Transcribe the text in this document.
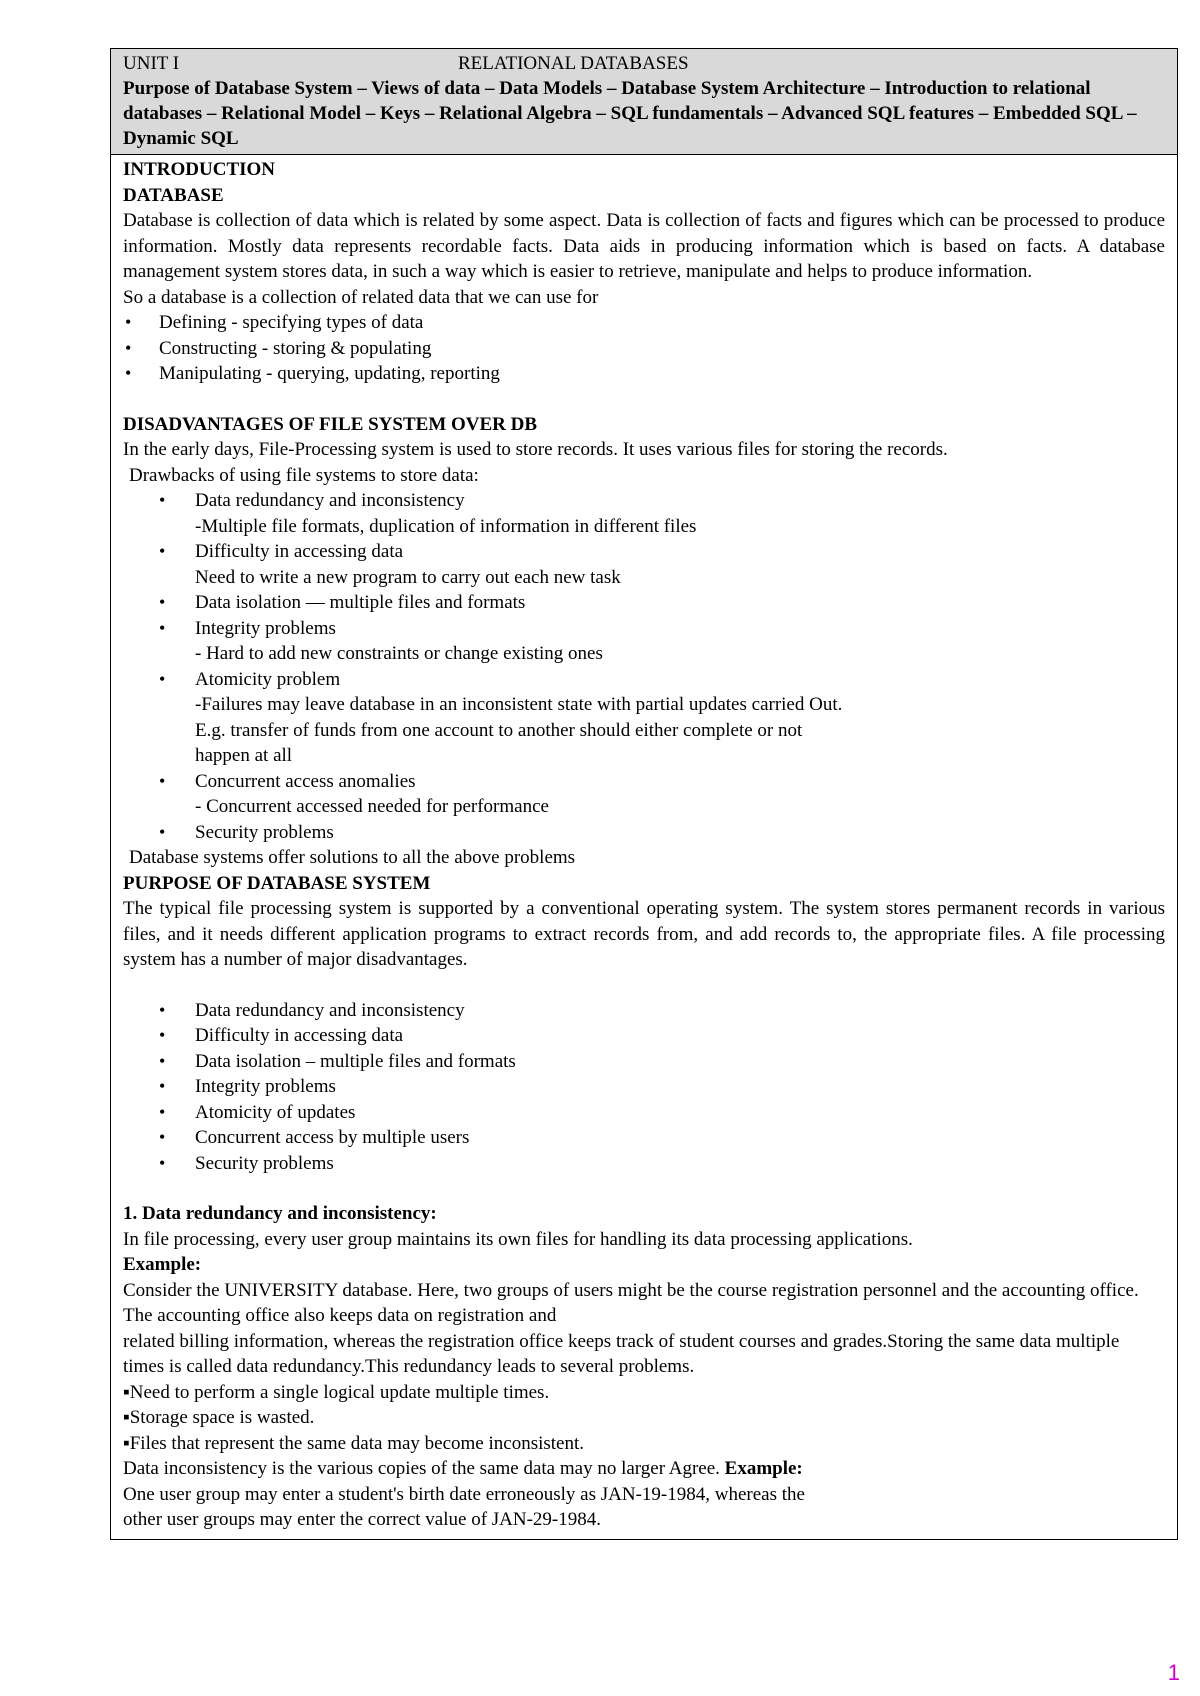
UNIT I	RELATIONAL DATABASES
Purpose of Database System – Views of data – Data Models – Database System Architecture – Introduction to relational databases – Relational Model – Keys – Relational Algebra – SQL fundamentals – Advanced SQL features – Embedded SQL – Dynamic SQL

INTRODUCTION

DATABASE

Database is collection of data which is related by some aspect. Data is collection of facts and figures which can be processed to produce information. Mostly data represents recordable facts. Data aids in producing information which is based on facts. A database management system stores data, in such a way which is easier to retrieve, manipulate and helps to produce information.

So a database is a collection of related data that we can use for

• Defining - specifying types of data
• Constructing - storing & populating
• Manipulating - querying, updating, reporting

DISADVANTAGES OF FILE SYSTEM OVER DB

In the early days, File-Processing system is used to store records. It uses various files for storing the records.

Drawbacks of using file systems to store data:

• Data redundancy and inconsistency

-Multiple file formats, duplication of information in different files

• Difficulty in accessing data

Need to write a new program to carry out each new task

• Data isolation — multiple files and formats
• Integrity problems

- Hard to add new constraints or change existing ones

• Atomicity problem

-Failures may leave database in an inconsistent state with partial updates carried Out.

E.g. transfer of funds from one account to another should either complete or not

happen at all

• Concurrent access anomalies

- Concurrent accessed needed for performance

• Security problems

Database systems offer solutions to all the above problems

PURPOSE OF DATABASE SYSTEM

The typical file processing system is supported by a conventional operating system. The system stores permanent records in various files, and it needs different application programs to extract records from, and add records to, the appropriate files. A file processing system has a number of major disadvantages.

• Data redundancy and inconsistency
• Difficulty in accessing data
• Data isolation – multiple files and formats
• Integrity problems
• Atomicity of updates
• Concurrent access by multiple users
• Security problems

1. Data redundancy and inconsistency:

In file processing, every user group maintains its own files for handling its data processing applications.

Example:

Consider the UNIVERSITY database. Here, two groups of users might be the course registration personnel and the accounting office. The accounting office also keeps data on registration and

related billing information, whereas the registration office keeps track of student courses and grades.Storing the same data multiple times is called data redundancy.This redundancy leads to several problems.

▪Need to perform a single logical update multiple times.

▪Storage space is wasted.

▪Files that represent the same data may become inconsistent.

Data inconsistency is the various copies of the same data may no larger Agree. Example:

One user group may enter a student's birth date erroneously as JAN-19-1984, whereas the

other user groups may enter the correct value of JAN-29-1984.

1
